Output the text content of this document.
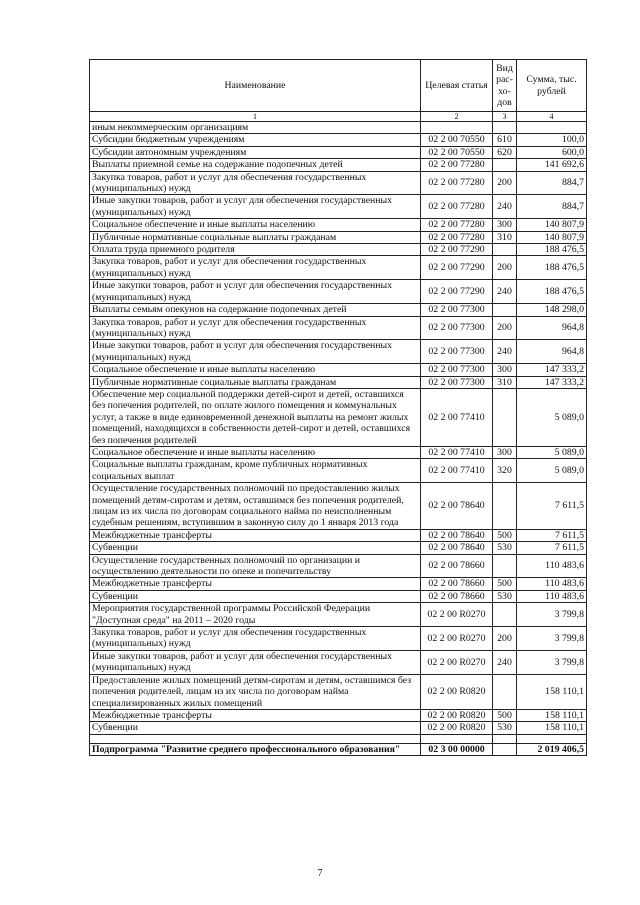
Наименование	Целевая статья	Вид рас- хо- дов	Сумма, тыс. рублей
1	2	3	4
иным некоммерческим организациям			
Субсидии бюджетным учреждениям	02 2 00 70550	610	100,0
Субсидии автономным учреждениям	02 2 00 70550	620	600,0
Выплаты приемной семье на содержание подопечных детей	02 2 00 77280		141 692,6
Закупка товаров, работ и услуг для обеспечения государственных (муниципальных) нужд	02 2 00 77280	200	884,7
Иные закупки товаров, работ и услуг для обеспечения государственных (муниципальных) нужд	02 2 00 77280	240	884,7
Социальное обеспечение и иные выплаты населению	02 2 00 77280	300	140 807,9
Публичные нормативные социальные выплаты гражданам	02 2 00 77280	310	140 807,9
Оплата труда приемного родителя	02 2 00 77290		188 476,5
Закупка товаров, работ и услуг для обеспечения государственных (муниципальных) нужд	02 2 00 77290	200	188 476,5
Иные закупки товаров, работ и услуг для обеспечения государственных (муниципальных) нужд	02 2 00 77290	240	188 476,5
Выплаты семьям опекунов на содержание подопечных детей	02 2 00 77300		148 298,0
Закупка товаров, работ и услуг для обеспечения государственных (муниципальных) нужд	02 2 00 77300	200	964,8
Иные закупки товаров, работ и услуг для обеспечения государственных (муниципальных) нужд	02 2 00 77300	240	964,8
Социальное обеспечение и иные выплаты населению	02 2 00 77300	300	147 333,2
Публичные нормативные социальные выплаты гражданам	02 2 00 77300	310	147 333,2
Обеспечение мер социальной поддержки детей-сирот и детей, оставшихся без попечения родителей, по оплате жилого помещения и коммунальных услуг, а также в виде единовременной денежной выплаты на ремонт жилых помещений, находящихся в собственности детей-сирот и детей, оставшихся без попечения родителей	02 2 00 77410		5 089,0
Социальное обеспечение и иные выплаты населению	02 2 00 77410	300	5 089,0
Социальные выплаты гражданам, кроме публичных нормативных социальных выплат	02 2 00 77410	320	5 089,0
Осуществление государственных полномочий по предоставлению жилых помещений детям-сиротам и детям, оставшимся без попечения родителей, лицам из их числа по договорам социального найма по неисполненным судебным решениям, вступившим в законную силу до 1 января 2013 года	02 2 00 78640		7 611,5
Межбюджетные трансферты	02 2 00 78640	500	7 611,5
Субвенции	02 2 00 78640	530	7 611,5
Осуществление государственных полномочий по организации и осуществлению деятельности по опеке и попечительству	02 2 00 78660		110 483,6
Межбюджетные трансферты	02 2 00 78660	500	110 483,6
Субвенции	02 2 00 78660	530	110 483,6
Мероприятия государственной программы Российской Федерации "Доступная среда" на 2011 – 2020 годы	02 2 00 R0270		3 799,8
Закупка товаров, работ и услуг для обеспечения государственных (муниципальных) нужд	02 2 00 R0270	200	3 799,8
Иные закупки товаров, работ и услуг для обеспечения государственных (муниципальных) нужд	02 2 00 R0270	240	3 799,8
Предоставление жилых помещений детям-сиротам и детям, оставшимся без попечения родителей, лицам из их числа по договорам найма специализированных жилых помещений	02 2 00 R0820		158 110,1
Межбюджетные трансферты	02 2 00 R0820	500	158 110,1
Субвенции	02 2 00 R0820	530	158 110,1

Подпрограмма "Развитие среднего профессионального образования"	02 3 00 00000		2 019 406,5
7
